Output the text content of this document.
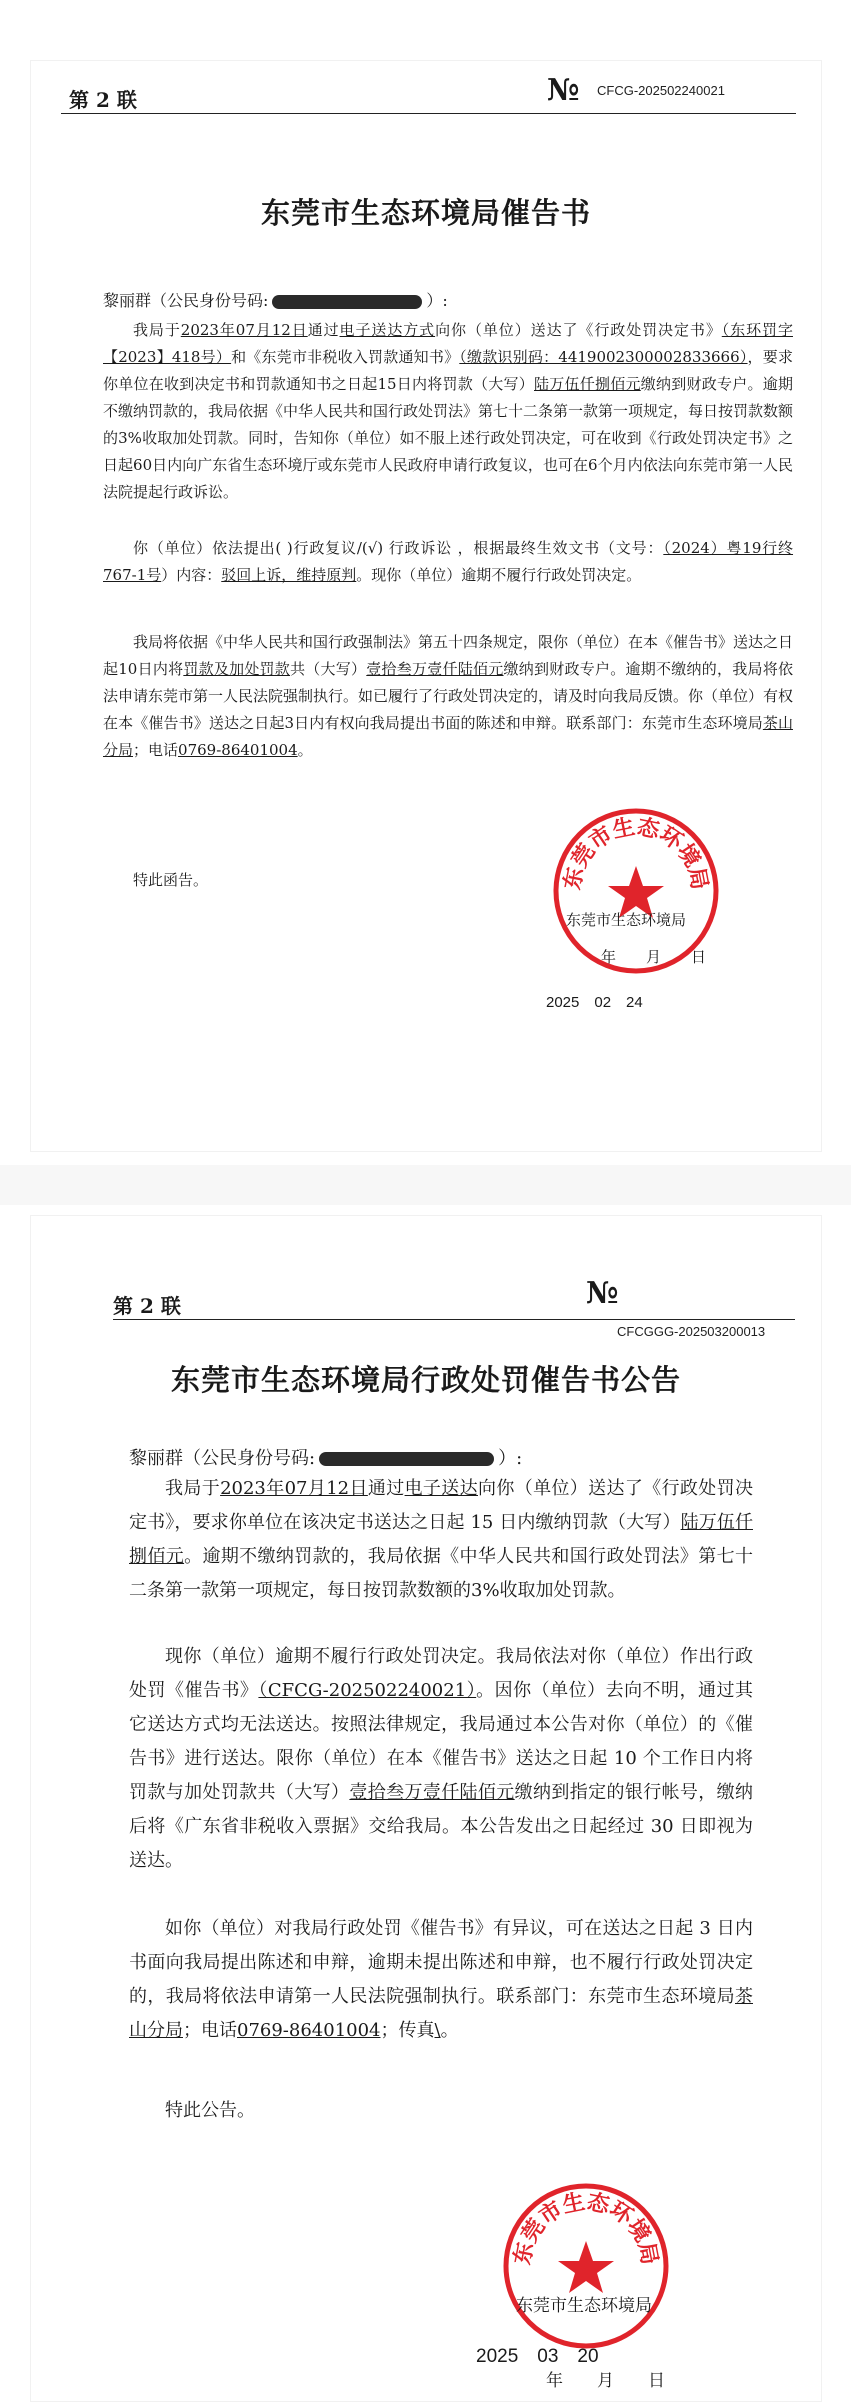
第 2 联	№ CFCG-202502240021
东莞市生态环境局催告书
黎丽群（公民身份号码:	）:
我局于2023年07月12日通过电子送达方式向你（单位）送达了《行政处罚决定书》（东环罚字【2023】418号）和《东莞市非税收入罚款通知书》（缴款识别码：4419002300002833666），要求你单位在收到决定书和罚款通知书之日起15日内将罚款（大写）陆万伍仟捌佰元缴纳到财政专户。逾期不缴纳罚款的，我局依据《中华人民共和国行政处罚法》第七十二条第一款第一项规定，每日按罚款数额的3%收取加处罚款。同时，告知你（单位）如不服上述行政处罚决定，可在收到《行政处罚决定书》之日起60日内向广东省生态环境厅或东莞市人民政府申请行政复议，也可在6个月内依法向东莞市第一人民法院提起行政诉讼。
你（单位）依法提出( )行政复议/(√) 行政诉讼 ，根据最终生效文书（文号：（2024）粤19行终767-1号）内容：驳回上诉，维持原判。现你（单位）逾期不履行行政处罚决定。
我局将依据《中华人民共和国行政强制法》第五十四条规定，限你（单位）在本《催告书》送达之日起10日内将罚款及加处罚款共（大写）壹拾叁万壹仟陆佰元缴纳到财政专户。逾期不缴纳的，我局将依法申请东莞市第一人民法院强制执行。如已履行了行政处罚决定的，请及时向我局反馈。你（单位）有权在本《催告书》送达之日起3日内有权向我局提出书面的陈述和申辩。联系部门：东莞市生态环境局茶山分局；电话0769-86401004。
特此函告。	东莞市生态环境局
东莞市生态环境局
年　　月　　日
2025　02　24
第 2 联	№
CFCGGG-202503200013
东莞市生态环境局行政处罚催告书公告
黎丽群（公民身份号码:	）:
我局于2023年07月12日通过电子送达向你（单位）送达了《行政处罚决定书》，要求你单位在该决定书送达之日起 15 日内缴纳罚款（大写）陆万伍仟捌佰元。逾期不缴纳罚款的，我局依据《中华人民共和国行政处罚法》第七十二条第一款第一项规定，每日按罚款数额的3%收取加处罚款。
现你（单位）逾期不履行行政处罚决定。我局依法对你（单位）作出行政处罚《催告书》（CFCG-202502240021）。因你（单位）去向不明，通过其它送达方式均无法送达。按照法律规定，我局通过本公告对你（单位）的《催告书》进行送达。限你（单位）在本《催告书》送达之日起 10 个工作日内将罚款与加处罚款共（大写）壹拾叁万壹仟陆佰元缴纳到指定的银行帐号，缴纳后将《广东省非税收入票据》交给我局。本公告发出之日起经过 30 日即视为送达。
如你（单位）对我局行政处罚《催告书》有异议，可在送达之日起 3 日内书面向我局提出陈述和申辩，逾期未提出陈述和申辩，也不履行行政处罚决定的，我局将依法申请第一人民法院强制执行。联系部门：东莞市生态环境局茶山分局；电话0769-86401004；传真\。
特此公告。
东莞市生态环境局
东莞市生态环境局
年　　月　　日
2025　03　20
